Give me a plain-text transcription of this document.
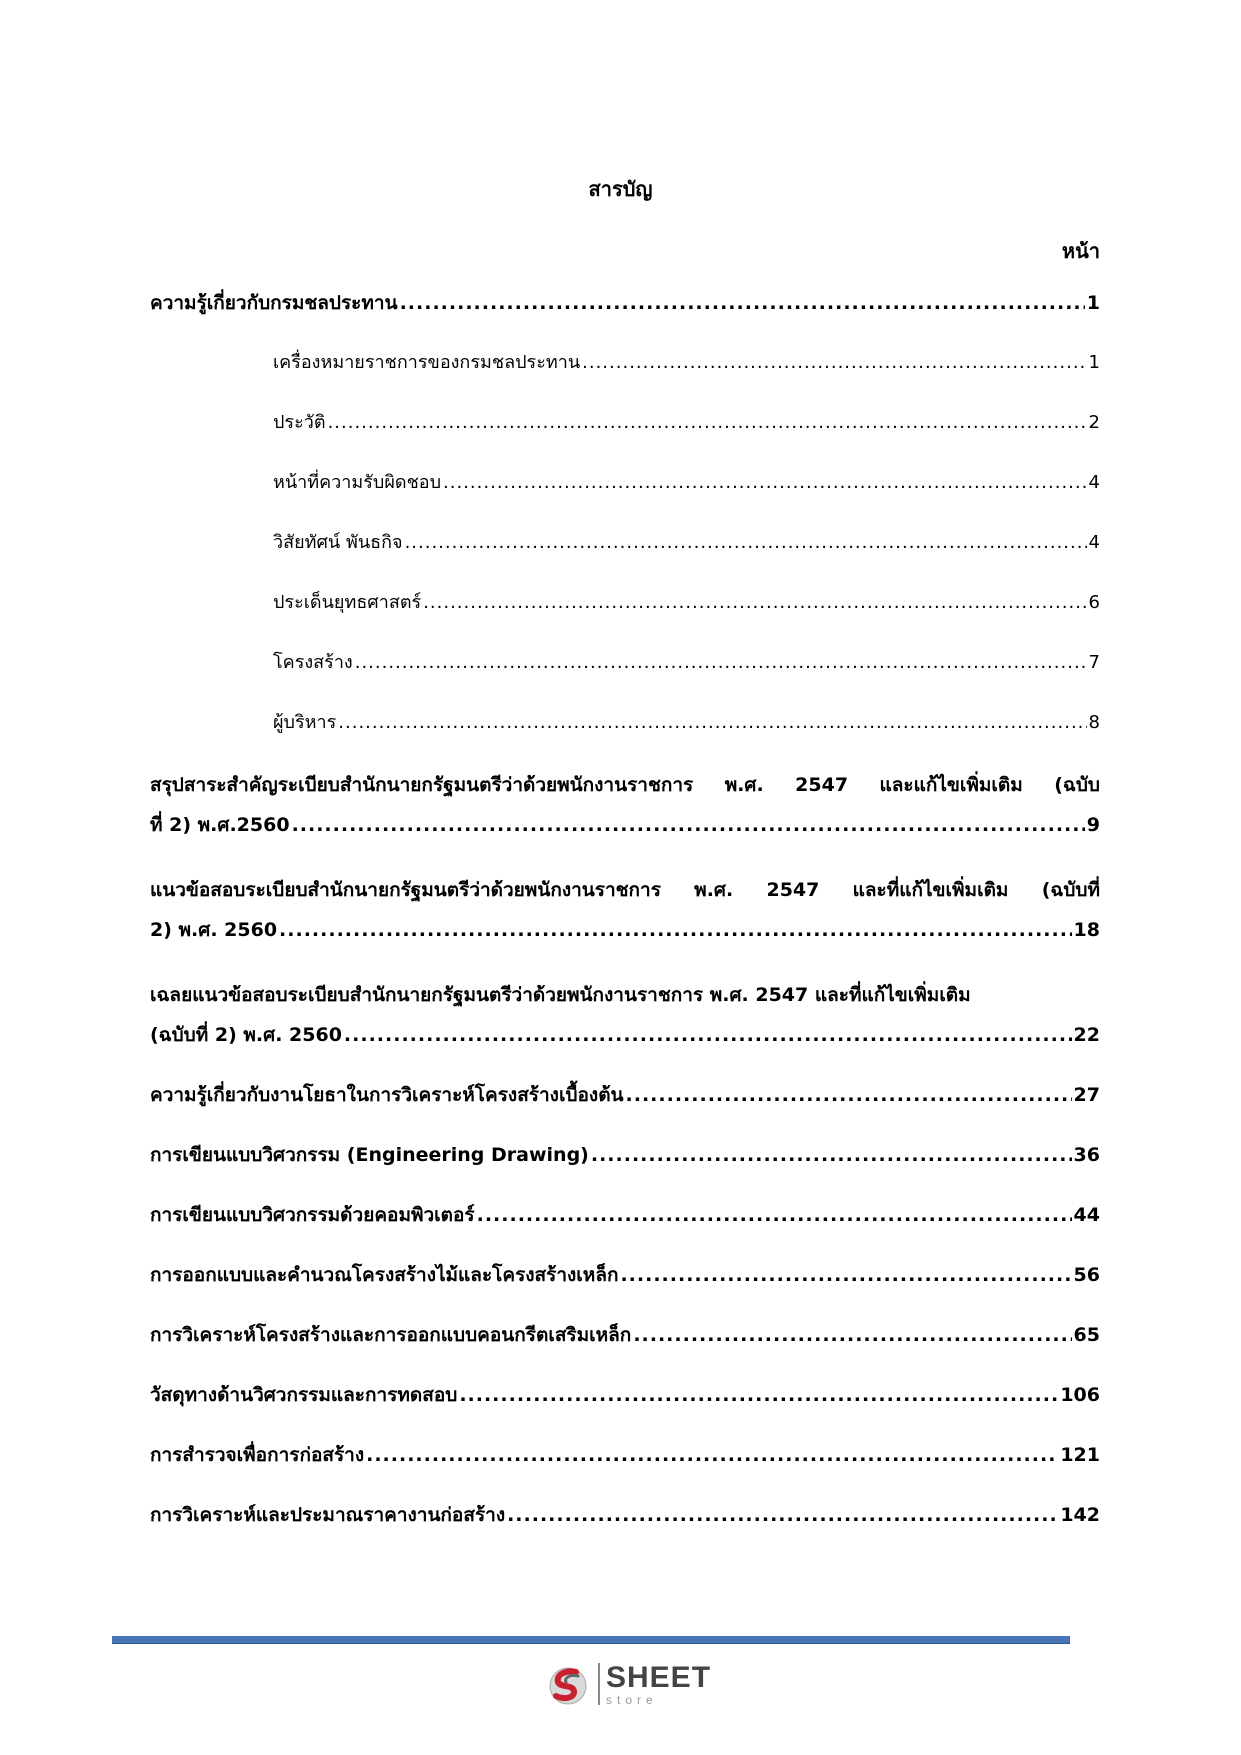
สารบัญ
หน้า
ความรู้เกี่ยวกับกรมชลประทาน .....	1
เครื่องหมายราชการของกรมชลประทาน .....	1
ประวัติ .....	2
หน้าที่ความรับผิดชอบ .....	4
วิสัยทัศน์ พันธกิจ .....	4
ประเด็นยุทธศาสตร์ .....	6
โครงสร้าง .....	7
ผู้บริหาร .....	8
สรุปสาระสำคัญระเบียบสำนักนายกรัฐมนตรีว่าด้วยพนักงานราชการ พ.ศ. 2547 และแก้ไขเพิ่มเติม (ฉบับ
ที่ 2) พ.ศ.2560 .....	9
แนวข้อสอบระเบียบสำนักนายกรัฐมนตรีว่าด้วยพนักงานราชการ พ.ศ. 2547 และที่แก้ไขเพิ่มเติม (ฉบับที่
2) พ.ศ. 2560 .....	18
เฉลยแนวข้อสอบระเบียบสำนักนายกรัฐมนตรีว่าด้วยพนักงานราชการ พ.ศ. 2547 และที่แก้ไขเพิ่มเติม
(ฉบับที่ 2) พ.ศ. 2560 .....	22
ความรู้เกี่ยวกับงานโยธาในการวิเคราะห์โครงสร้างเบื้องต้น .....	27
การเขียนแบบวิศวกรรม (Engineering Drawing) .....	36
การเขียนแบบวิศวกรรมด้วยคอมพิวเตอร์ .....	44
การออกแบบและคำนวณโครงสร้างไม้และโครงสร้างเหล็ก .....	56
การวิเคราะห์โครงสร้างและการออกแบบคอนกรีตเสริมเหล็ก .....	65
วัสดุทางด้านวิศวกรรมและการทดสอบ .....	106
การสำรวจเพื่อการก่อสร้าง .....	121
การวิเคราะห์และประมาณราคางานก่อสร้าง .....	142
SHEET
store
